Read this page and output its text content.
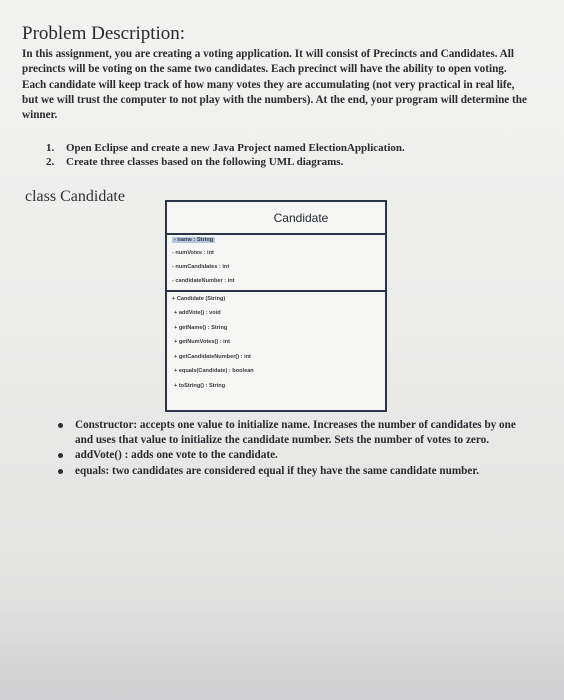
Problem Description:
In this assignment, you are creating a voting application. It will consist of Precincts and Candidates. All precincts will be voting on the same two candidates. Each precinct will have the ability to open voting. Each candidate will keep track of how many votes they are accumulating (not very practical in real life, but we will trust the computer to not play with the numbers). At the end, your program will determine the winner.
1.	Open Eclipse and create a new Java Project named ElectionApplication.
2.	Create three classes based on the following UML diagrams.
class Candidate
Candidate
- name : String
- numVotes : int
- numCandidates : int
- candidateNumber : int
+ Candidate (String)
+ addVote() : void
+ getName() : String
+ getNumVotes() : int
+ getCandidateNumber() : int
+ equals(Candidate) : boolean
+ toString() : String
Constructor: accepts one value to initialize name. Increases the number of candidates by one and uses that value to initialize the candidate number. Sets the number of votes to zero.
addVote() : adds one vote to the candidate.
equals: two candidates are considered equal if they have the same candidate number.
